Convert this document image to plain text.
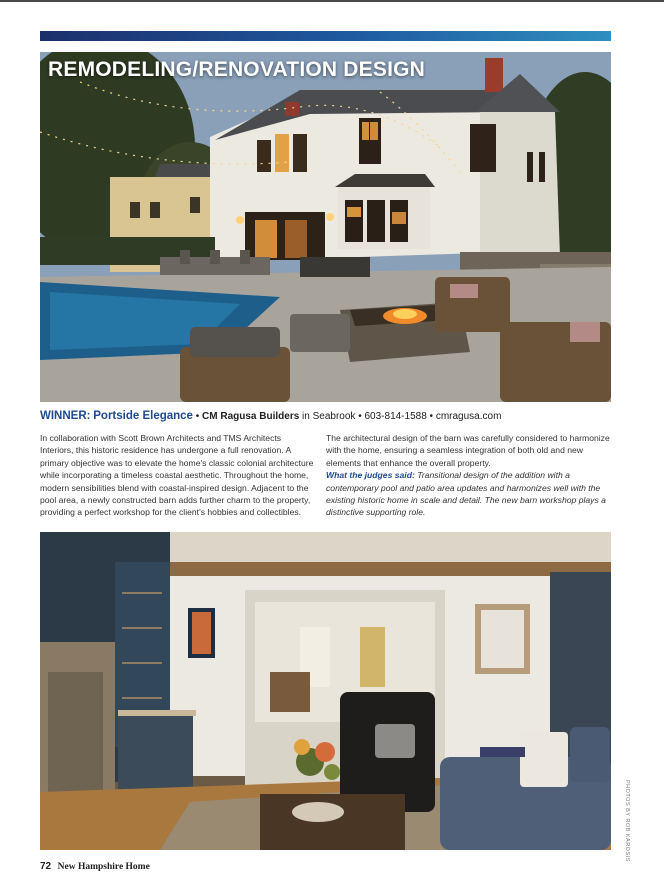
REMODELING/RENOVATION DESIGN
WINNER: Portside Elegance • CM Ragusa Builders in Seabrook • 603-814-1588 • cmragusa.com

In collaboration with Scott Brown Architects and TMS Architects Interiors, this historic residence has undergone a full renovation. A primary objective was to elevate the home's classic colonial architecture while incorporating a timeless coastal aesthetic. Throughout the home, modern sensibilities blend with coastal-inspired design. Adjacent to the pool area, a newly constructed barn adds further charm to the property, providing a perfect workshop for the client's hobbies and collectibles.

The architectural design of the barn was carefully considered to harmonize with the home, ensuring a seamless integration of both old and new elements that enhance the overall property.

What the judges said: Transitional design of the addition with a contemporary pool and patio area updates and harmonizes well with the existing historic home in scale and detail. The new barn workshop plays a distinctive supporting role.

PHOTOS BY ROB KAROSIS
72 New Hampshire Home
